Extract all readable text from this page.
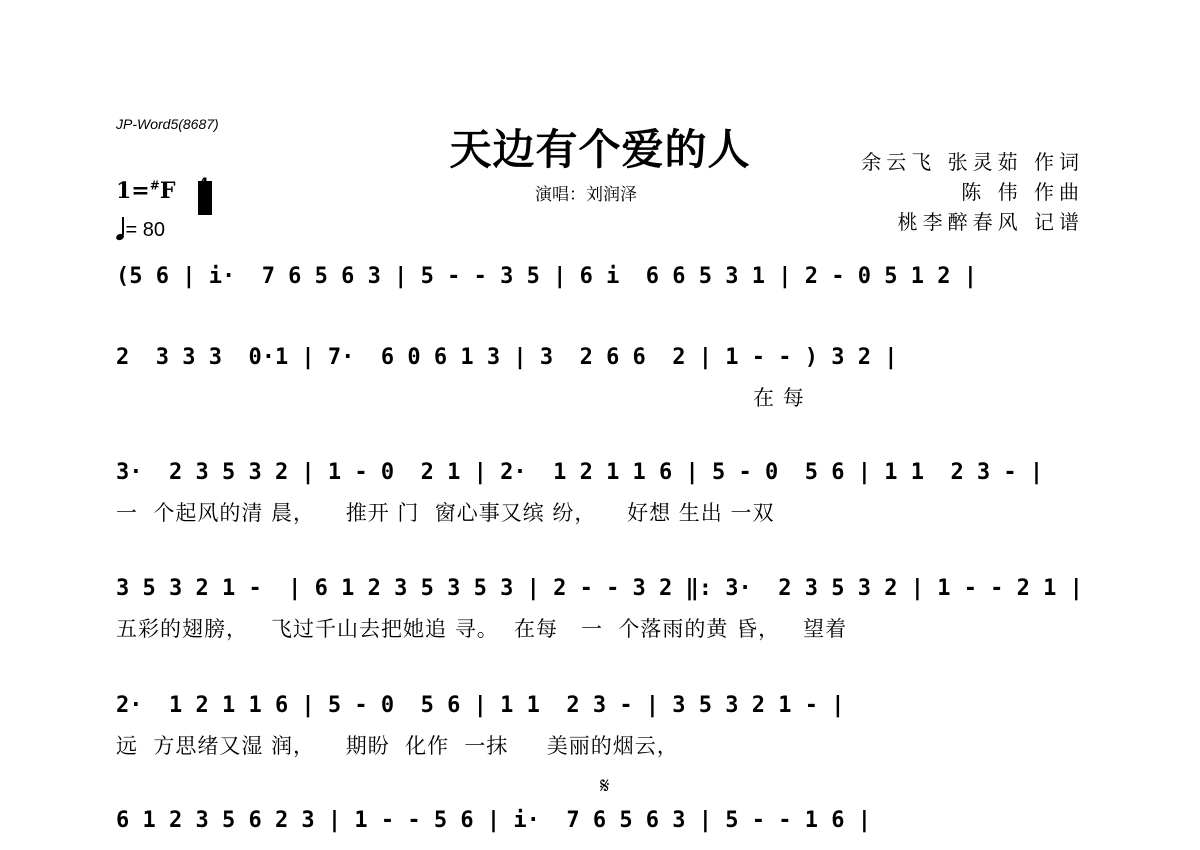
JP-Word5(8687)
天边有个爱的人
演唱：刘润泽
余云飞 张灵茹 作词
陈 伟 作曲
桃李醉春风 记谱
1=#F
= 80
(5 6 | i·  7 6 5 6 3 | 5 - - 3 5 | 6 i  6 6 5 3 1 | 2 - 0 5 1 2 |
2  3 3 3  0·1 | 7·  6 0 6 1 3 | 3  2 6 6  2 | 1 - - ) 3 2 |
在 每
3·  2 3 5 3 2 | 1 - 0  2 1 | 2·  1 2 1 1 6 | 5 - 0  5 6 | 1 1  2 3 - |
一  个起风的清 晨，    推开 门  窗心事又缤 纷，    好想 生出 一双
3 5 3 2 1 -  | 6 1 2 3 5 3 5 3 | 2 - - 3 2 ‖: 3·  2 3 5 3 2 | 1 - - 2 1 |
五彩的翅膀，   飞过千山去把她追 寻。  在每   一  个落雨的黄 昏，   望着
2·  1 2 1 1 6 | 5 - 0  5 6 | 1 1  2 3 - | 3 5 3 2 1 - |
远  方思绪又湿 润，    期盼  化作  一抹     美丽的烟云，
𝄋
6 1 2 3 5 6 2 3 | 1 - - 5 6 | i·  7 6 5 6 3 | 5 - - 1 6 |
